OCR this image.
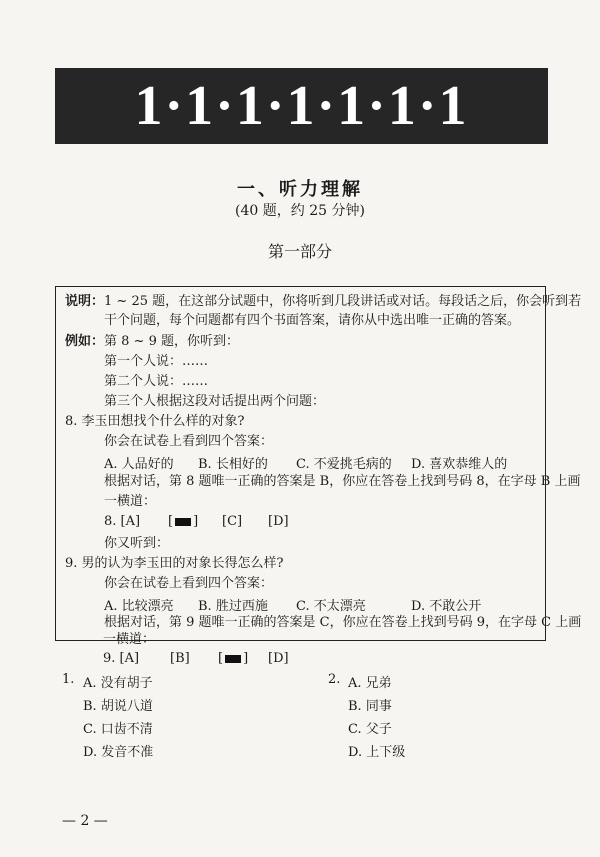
1·1·1·1·1·1·1
一、听力理解
(40 题，约 25 分钟)
第一部分
说明：1 ~ 25 题，在这部分试题中，你将听到几段讲话或对话。每段话之后，你会听到若
干个问题，每个问题都有四个书面答案，请你从中选出唯一正确的答案。
例如：第 8 ~ 9 题，你听到：
第一个人说：……
第二个人说：……
第三个人根据这段对话提出两个问题：
8. 李玉田想找个什么样的对象?
你会在试卷上看到四个答案：
A. 人品好的 B. 长相好的 C. 不爱挑毛病的 D. 喜欢恭维人的
根据对话，第 8 题唯一正确的答案是 B，你应在答卷上找到号码 8，在字母 B 上画
一横道：
8. [A] [ ] [C] [D]
你又听到：
9. 男的认为李玉田的对象长得怎么样?
你会在试卷上看到四个答案：
A. 比较漂亮 B. 胜过西施 C. 不太漂亮	D. 不敢公开
根据对话，第 9 题唯一正确的答案是 C，你应在答卷上找到号码 9，在字母 C 上画
一横道：
9. [A] [B] [ ] [D]
1. A. 没有胡子
B. 胡说八道
C. 口齿不清
D. 发音不准
2. A. 兄弟
B. 同事
C. 父子
D. 上下级
— 2 —
